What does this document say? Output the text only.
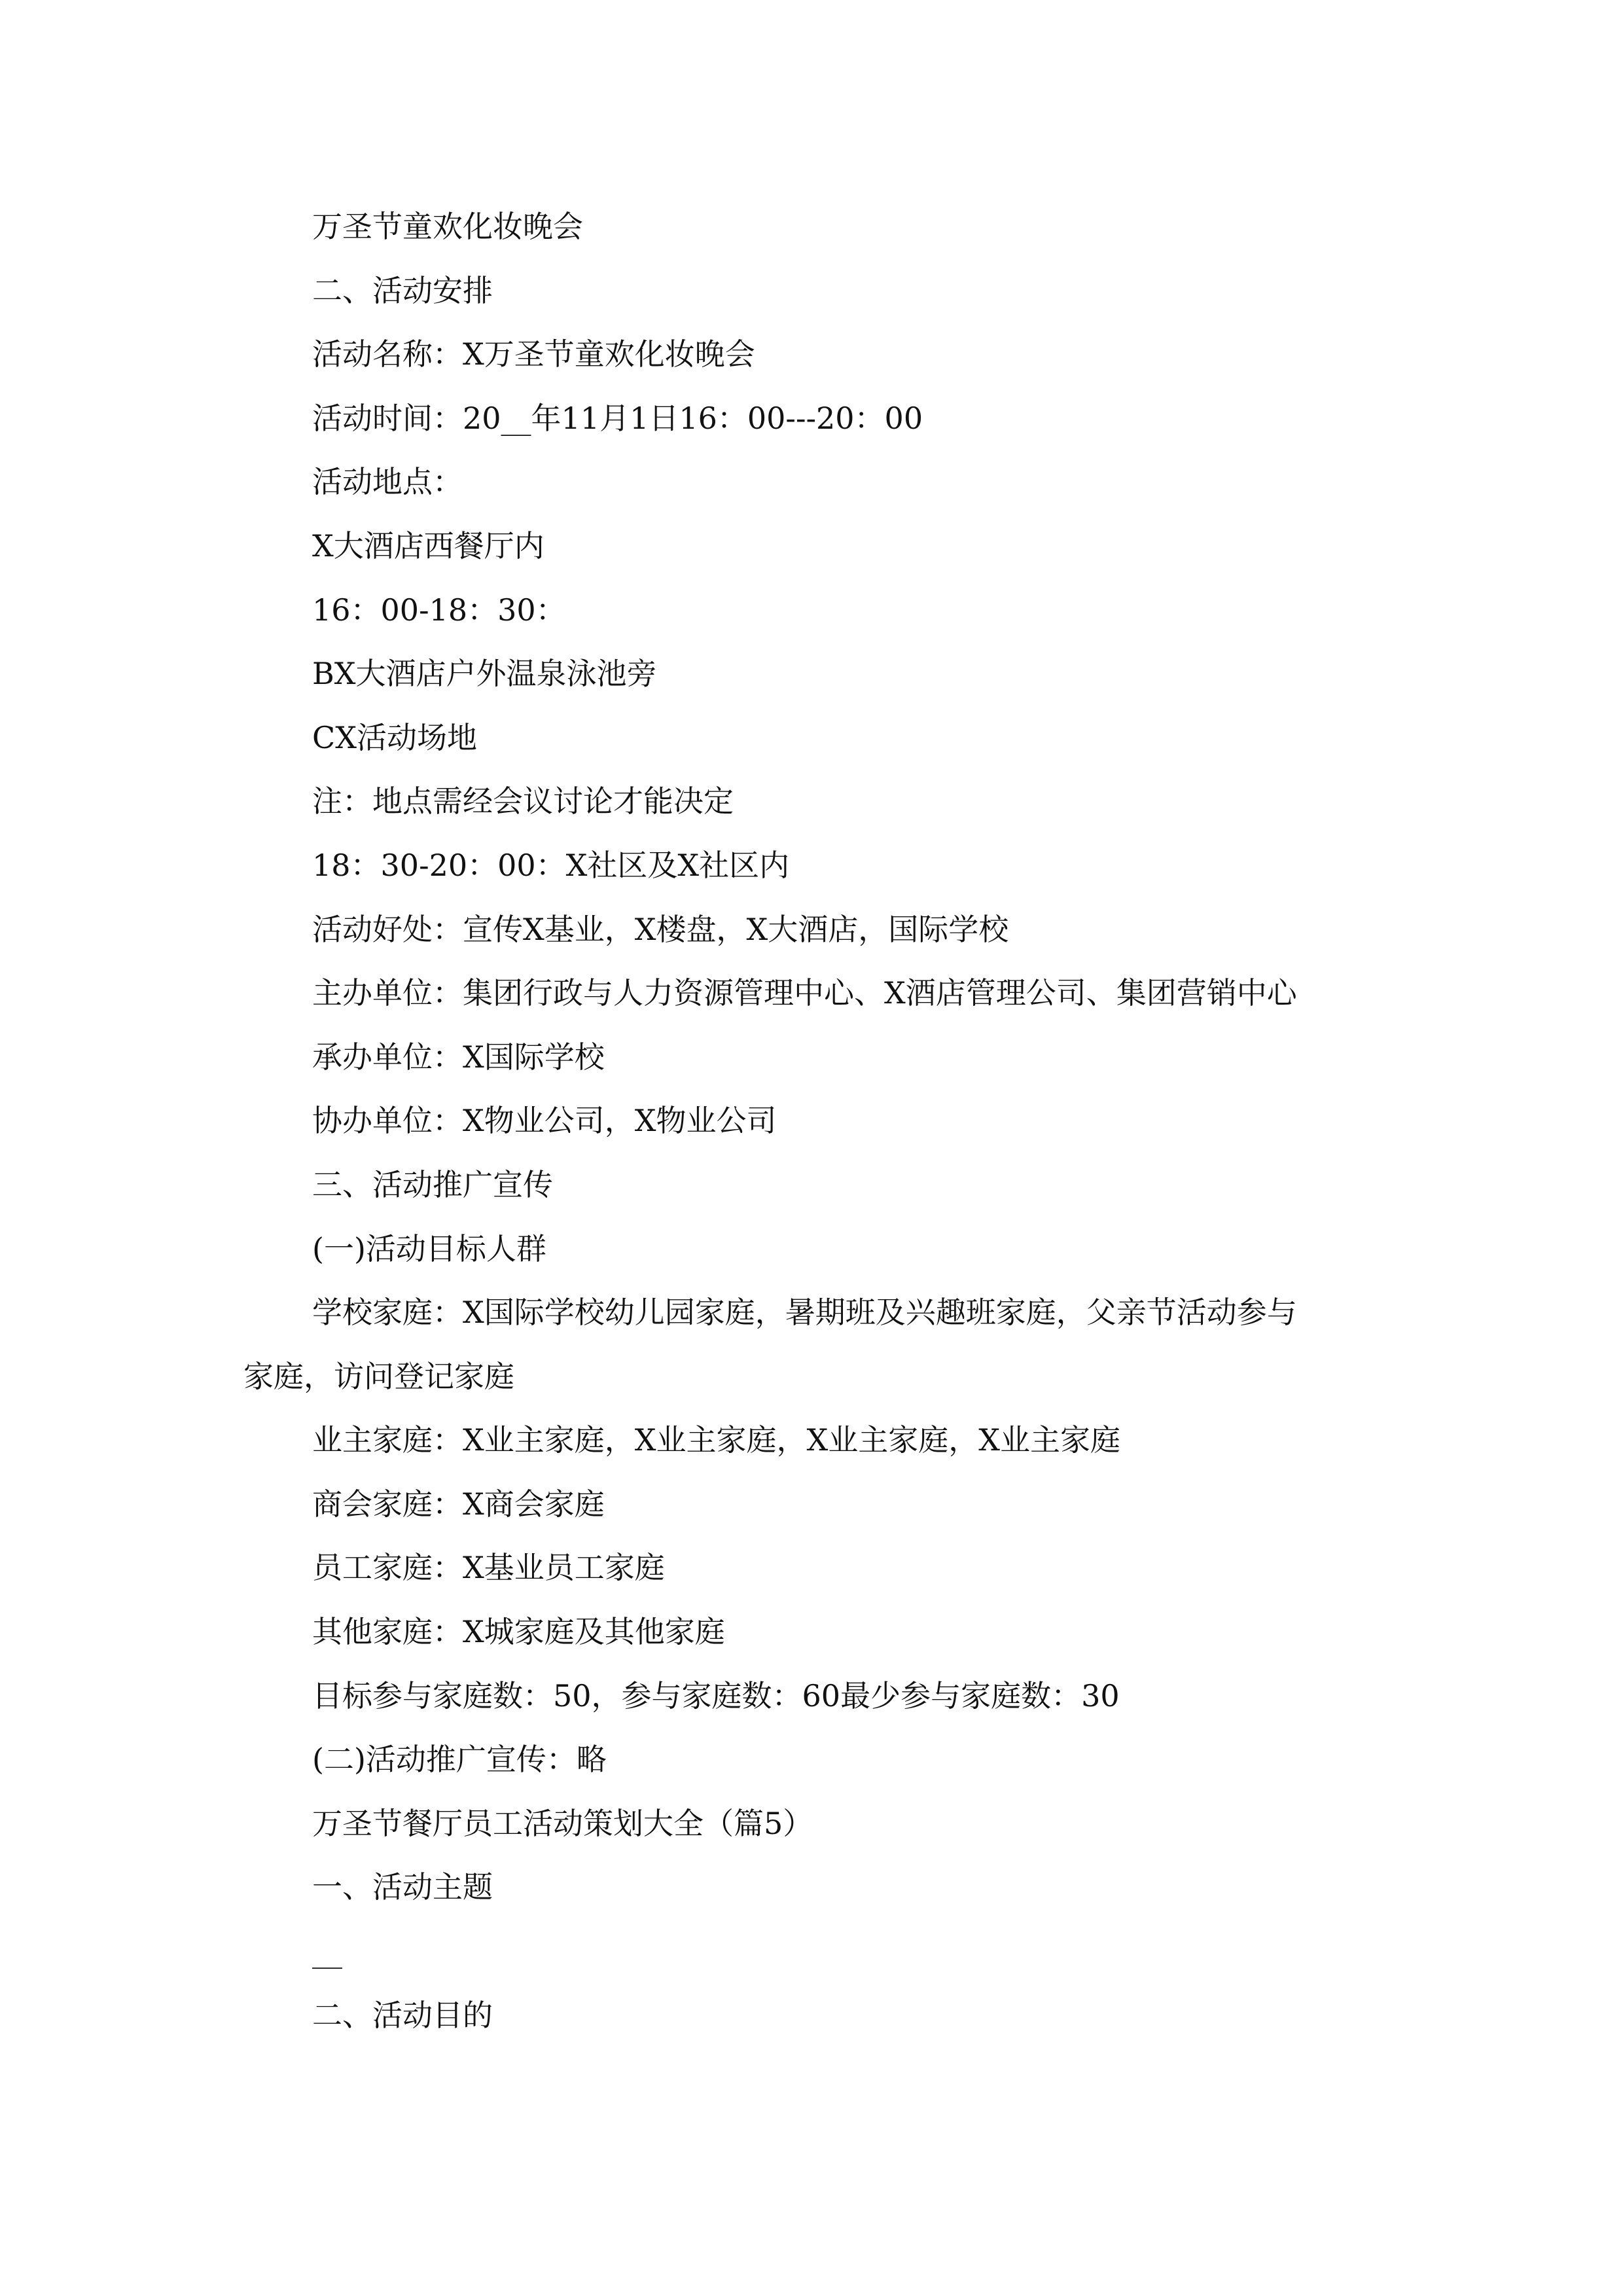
万圣节童欢化妆晚会
二、活动安排
活动名称：X万圣节童欢化妆晚会
活动时间：20__年11月1日16：00---20：00
活动地点：
X大酒店西餐厅内
16：00-18：30：
BX大酒店户外温泉泳池旁
CX活动场地
注：地点需经会议讨论才能决定
18：30-20：00：X社区及X社区内
活动好处：宣传X基业，X楼盘，X大酒店，国际学校
主办单位：集团行政与人力资源管理中心、X酒店管理公司、集团营销中心
承办单位：X国际学校
协办单位：X物业公司，X物业公司
三、活动推广宣传
(一)活动目标人群
学校家庭：X国际学校幼儿园家庭，暑期班及兴趣班家庭，父亲节活动参与
家庭，访问登记家庭
业主家庭：X业主家庭，X业主家庭，X业主家庭，X业主家庭
商会家庭：X商会家庭
员工家庭：X基业员工家庭
其他家庭：X城家庭及其他家庭
目标参与家庭数：50，参与家庭数：60最少参与家庭数：30
(二)活动推广宣传：略
万圣节餐厅员工活动策划大全（篇5）
一、活动主题
__
二、活动目的
